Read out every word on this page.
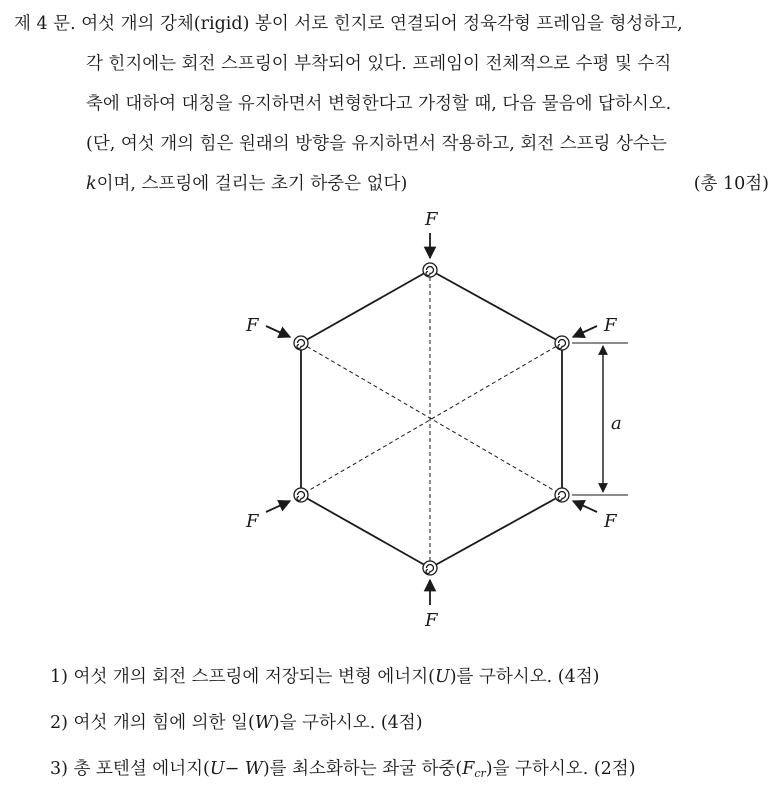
제 4 문. 여섯 개의 강체(rigid) 봉이 서로 힌지로 연결되어 정육각형 프레임을 형성하고,
각 힌지에는 회전 스프링이 부착되어 있다. 프레임이 전체적으로 수평 및 수직
축에 대하여 대칭을 유지하면서 변형한다고 가정할 때, 다음 물음에 답하시오.
(단, 여섯 개의 힘은 원래의 방향을 유지하면서 작용하고, 회전 스프링 상수는
k이며, 스프링에 걸리는 초기 하중은 없다)	(총 10점)
F
F
F	F
F	F
a
1) 여섯 개의 회전 스프링에 저장되는 변형 에너지(U)를 구하시오. (4점)
2) 여섯 개의 힘에 의한 일(W)을 구하시오. (4점)
3) 총 포텐셜 에너지(U− W)를 최소화하는 좌굴 하중$(F_{cr})$을 구하시오. (2점)
